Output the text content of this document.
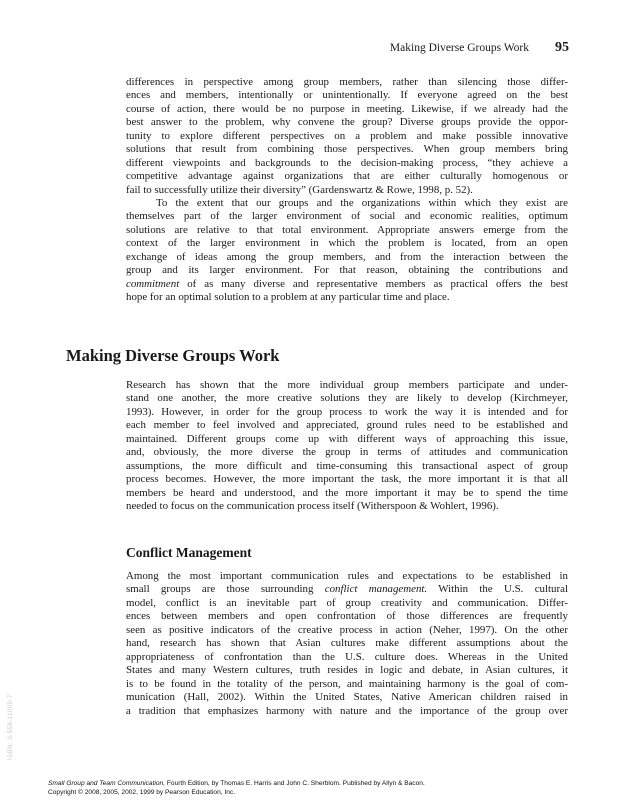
Making Diverse Groups Work 95

differences in perspective among group members, rather than silencing those differ-
ences and members, intentionally or unintentionally. If everyone agreed on the best
course of action, there would be no purpose in meeting. Likewise, if we already had the
best answer to the problem, why convene the group? Diverse groups provide the oppor-
tunity to explore different perspectives on a problem and make possible innovative
solutions that result from combining those perspectives. When group members bring
different viewpoints and backgrounds to the decision-making process, “they achieve a
competitive advantage against organizations that are either culturally homogenous or
fail to successfully utilize their diversity” (Gardenswartz & Rowe, 1998, p. 52).

To the extent that our groups and the organizations within which they exist are
themselves part of the larger environment of social and economic realities, optimum
solutions are relative to that total environment. Appropriate answers emerge from the
context of the larger environment in which the problem is located, from an open
exchange of ideas among the group members, and from the interaction between the
group and its larger environment. For that reason, obtaining the contributions and
commitment of as many diverse and representative members as practical offers the best
hope for an optimal solution to a problem at any particular time and place.

Making Diverse Groups Work

Research has shown that the more individual group members participate and under-
stand one another, the more creative solutions they are likely to develop (Kirchmeyer,
1993). However, in order for the group process to work the way it is intended and for
each member to feel involved and appreciated, ground rules need to be established and
maintained. Different groups come up with different ways of approaching this issue,
and, obviously, the more diverse the group in terms of attitudes and communication
assumptions, the more difficult and time-consuming this transactional aspect of group
process becomes. However, the more important the task, the more important it is that all
members be heard and understood, and the more important it may be to spend the time
needed to focus on the communication process itself (Witherspoon & Wohlert, 1996).

Conflict Management

Among the most important communication rules and expectations to be established in
small groups are those surrounding conflict management. Within the U.S. cultural
model, conflict is an inevitable part of group creativity and communication. Differ-
ences between members and open confrontation of those differences are frequently
seen as positive indicators of the creative process in action (Neher, 1997). On the other
hand, research has shown that Asian cultures make different assumptions about the
appropriateness of confrontation than the U.S. culture does. Whereas in the United
States and many Western cultures, truth resides in logic and debate, in Asian cultures, it
is to be found in the totality of the person, and maintaining harmony is the goal of com-
munication (Hall, 2002). Within the United States, Native American children raised in
a tradition that emphasizes harmony with nature and the importance of the group over

ISBN: 0-558-11009-7
Small Group and Team Communication, Fourth Edition, by Thomas E. Harris and John C. Sherblom. Published by Allyn & Bacon.
Copyright © 2008, 2005, 2002, 1999 by Pearson Education, Inc.
